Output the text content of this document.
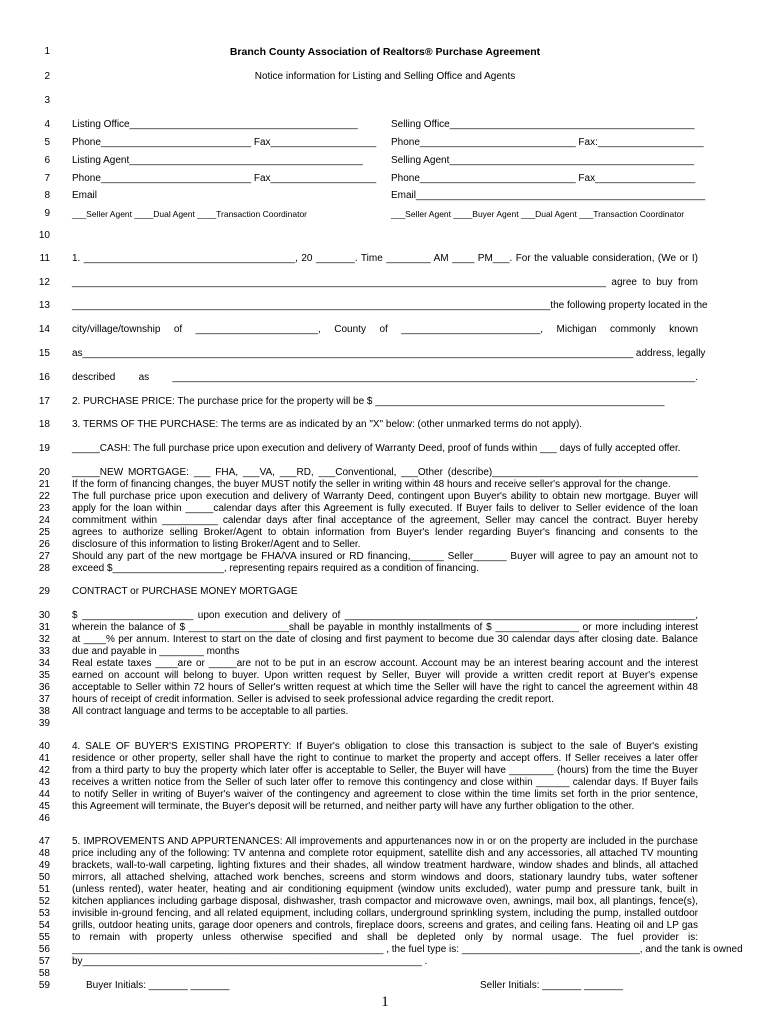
1	Branch County Association of Realtors® Purchase Agreement
2	Notice information for Listing and Selling Office and Agents
3
4 Listing Office_________________________________________	Selling Office____________________________________________
5 Phone___________________________ Fax___________________ Phone____________________________ Fax:___________________
6 Listing Agent__________________________________________	Selling Agent____________________________________________
7 Phone___________________________ Fax___________________ Phone____________________________ Fax__________________
8 Email	Email____________________________________________________
9	___Seller Agent ____Dual Agent ____Transaction Coordinator	___Seller Agent ____Buyer Agent ___Dual Agent ___Transaction Coordinator
10
11 1. ______________________________________, 20 _______. Time ________ AM ____ PM___. For the valuable consideration, (We or I)
12 ________________________________________________________________________________________________ agree to buy from
13 ______________________________________________________________________________________the following property located in the
14 city/village/township of ______________________, County of _________________________, Michigan commonly known
15 as___________________________________________________________________________________________________ address, legally
16 described as ______________________________________________________________________________________________.
17 2. PURCHASE PRICE: The purchase price for the property will be $ ____________________________________________________
18 3. TERMS OF THE PURCHASE: The terms are as indicated by an "X" below: (other unmarked terms do not apply).
19 _____CASH: The full purchase price upon execution and delivery of Warranty Deed, proof of funds within ___ days of fully accepted offer.
20 _____NEW MORTGAGE: ___ FHA, ___VA, ___RD, ___Conventional, ___Other (describe)_____________________________________
21 If the form of financing changes, the buyer MUST notify the seller in writing within 48 hours and receive seller's approval for the change.
22 The full purchase price upon execution and delivery of Warranty Deed, contingent upon Buyer's ability to obtain new mortgage. Buyer will
23 apply for the loan within _____calendar days after this Agreement is fully executed. If Buyer fails to deliver to Seller evidence of the loan
24 commitment within __________ calendar days after final acceptance of the agreement, Seller may cancel the contract. Buyer hereby
25 agrees to authorize selling Broker/Agent to obtain information from Buyer's lender regarding Buyer's financing and consents to the
26 disclosure of this information to listing Broker/Agent and to Seller.
27 Should any part of the new mortgage be FHA/VA insured or RD financing,______ Seller______ Buyer will agree to pay an amount not to
28 exceed $____________________, representing repairs required as a condition of financing.
29 CONTRACT or PURCHASE MONEY MORTGAGE
30 $ ____________________ upon execution and delivery of _______________________________________________________________,
31 wherein the balance of $ __________________shall be payable in monthly installments of $ _______________ or more including interest
32 at ____% per annum. Interest to start on the date of closing and first payment to become due 30 calendar days after closing date. Balance
33 due and payable in ________ months
34 Real estate taxes ____are or _____are not to be put in an escrow account. Account may be an interest bearing account and the interest
35 earned on account will belong to buyer. Upon written request by Seller, Buyer will provide a written credit report at Buyer's expense
36 acceptable to Seller within 72 hours of Seller's written request at which time the Seller will have the right to cancel the agreement within 48
37 hours of receipt of credit information. Seller is advised to seek professional advice regarding the credit report.
38 All contract language and terms to be acceptable to all parties.
39
40 4. SALE OF BUYER'S EXISTING PROPERTY: If Buyer's obligation to close this transaction is subject to the sale of Buyer's existing
41 residence or other property, seller shall have the right to continue to market the property and accept offers. If Seller receives a later offer
42 from a third party to buy the property which later offer is acceptable to Seller, the Buyer will have ________ (hours) from the time the Buyer
43 receives a written notice from the Seller of such later offer to remove this contingency and close within ______ calendar days. If Buyer fails
44 to notify Seller in writing of Buyer's waiver of the contingency and agreement to close within the time limits set forth in the prior sentence,
45 this Agreement will terminate, the Buyer's deposit will be returned, and neither party will have any further obligation to the other.
46
47 5. IMPROVEMENTS AND APPURTENANCES: All improvements and appurtenances now in or on the property are included in the purchase
48 price including any of the following: TV antenna and complete rotor equipment, satellite dish and any accessories, all attached TV mounting
49 brackets, wall-to-wall carpeting, lighting fixtures and their shades, all window treatment hardware, window shades and blinds, all attached
50 mirrors, all attached shelving, attached work benches, screens and storm windows and doors, stationary laundry tubs, water softener
51 (unless rented), water heater, heating and air conditioning equipment (window units excluded), water pump and pressure tank, built in
52 kitchen appliances including garbage disposal, dishwasher, trash compactor and microwave oven, awnings, mail box, all plantings, fence(s),
53 invisible in-ground fencing, and all related equipment, including collars, underground sprinkling system, including the pump, installed outdoor
54 grills, outdoor heating units, garage door openers and controls, fireplace doors, screens and grates, and ceiling fans. Heating oil and LP gas
55 to remain with property unless otherwise specified and shall be depleted only by normal usage. The fuel provider is:
56 ________________________________________________________ , the fuel type is: ________________________________, and the tank is owned
57 by_____________________________________________________________ .
58
59	Buyer Initials: _______ _______	Seller Initials: _______ _______
1
